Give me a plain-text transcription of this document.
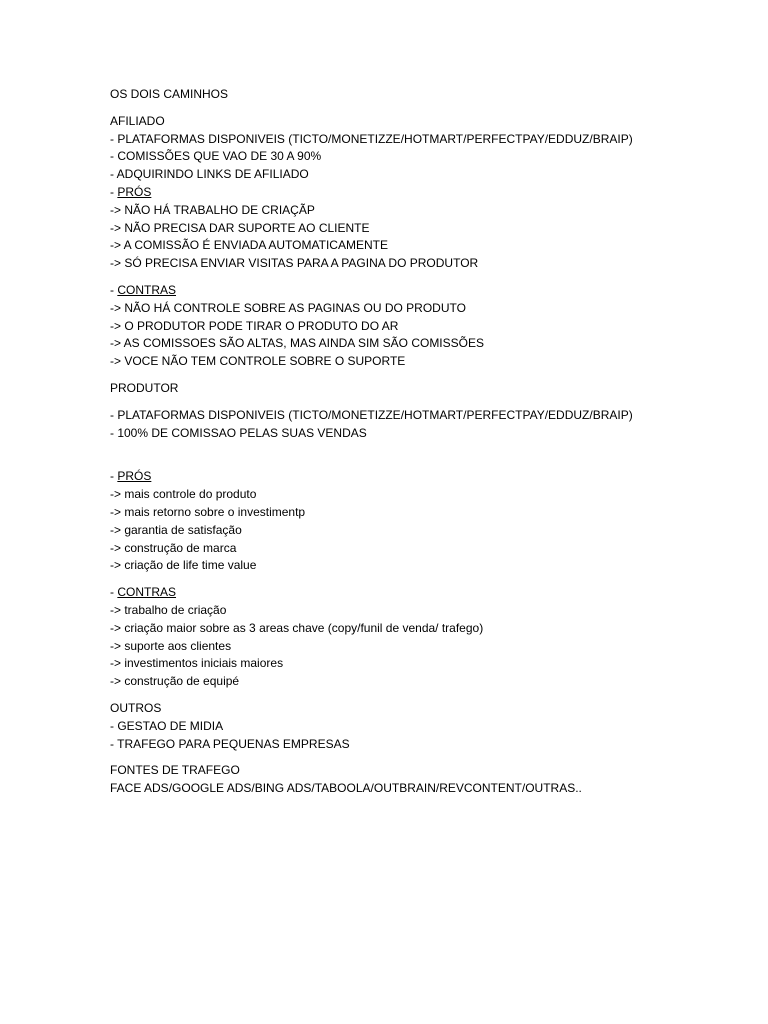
OS DOIS CAMINHOS
AFILIADO
- PLATAFORMAS DISPONIVEIS (TICTO/MONETIZZE/HOTMART/PERFECTPAY/EDDUZ/BRAIP)
- COMISSÕES QUE VAO DE 30 A 90%
- ADQUIRINDO LINKS DE AFILIADO
- PRÓS
-> NÃO HÁ TRABALHO DE CRIAÇÃP
-> NÃO PRECISA DAR SUPORTE AO CLIENTE
-> A COMISSÃO É ENVIADA AUTOMATICAMENTE
-> SÓ PRECISA ENVIAR VISITAS PARA A PAGINA DO PRODUTOR
- CONTRAS
-> NÃO HÁ CONTROLE SOBRE AS PAGINAS OU DO PRODUTO
-> O PRODUTOR PODE TIRAR O PRODUTO DO AR
-> AS COMISSOES SÃO ALTAS, MAS AINDA SIM SÃO COMISSÕES
-> VOCE NÃO TEM CONTROLE SOBRE O SUPORTE
PRODUTOR
- PLATAFORMAS DISPONIVEIS (TICTO/MONETIZZE/HOTMART/PERFECTPAY/EDDUZ/BRAIP)
- 100% DE COMISSAO PELAS SUAS VENDAS
- PRÓS
-> mais controle do produto
-> mais retorno sobre o investimentp
-> garantia de satisfação
-> construção de marca
-> criação de life time value
- CONTRAS
-> trabalho de criação
-> criação maior sobre as 3 areas chave (copy/funil de venda/ trafego)
-> suporte aos clientes
-> investimentos iniciais maiores
-> construção de equipé
OUTROS
- GESTAO DE MIDIA
- TRAFEGO PARA PEQUENAS EMPRESAS
FONTES DE TRAFEGO
FACE ADS/GOOGLE ADS/BING ADS/TABOOLA/OUTBRAIN/REVCONTENT/OUTRAS..
